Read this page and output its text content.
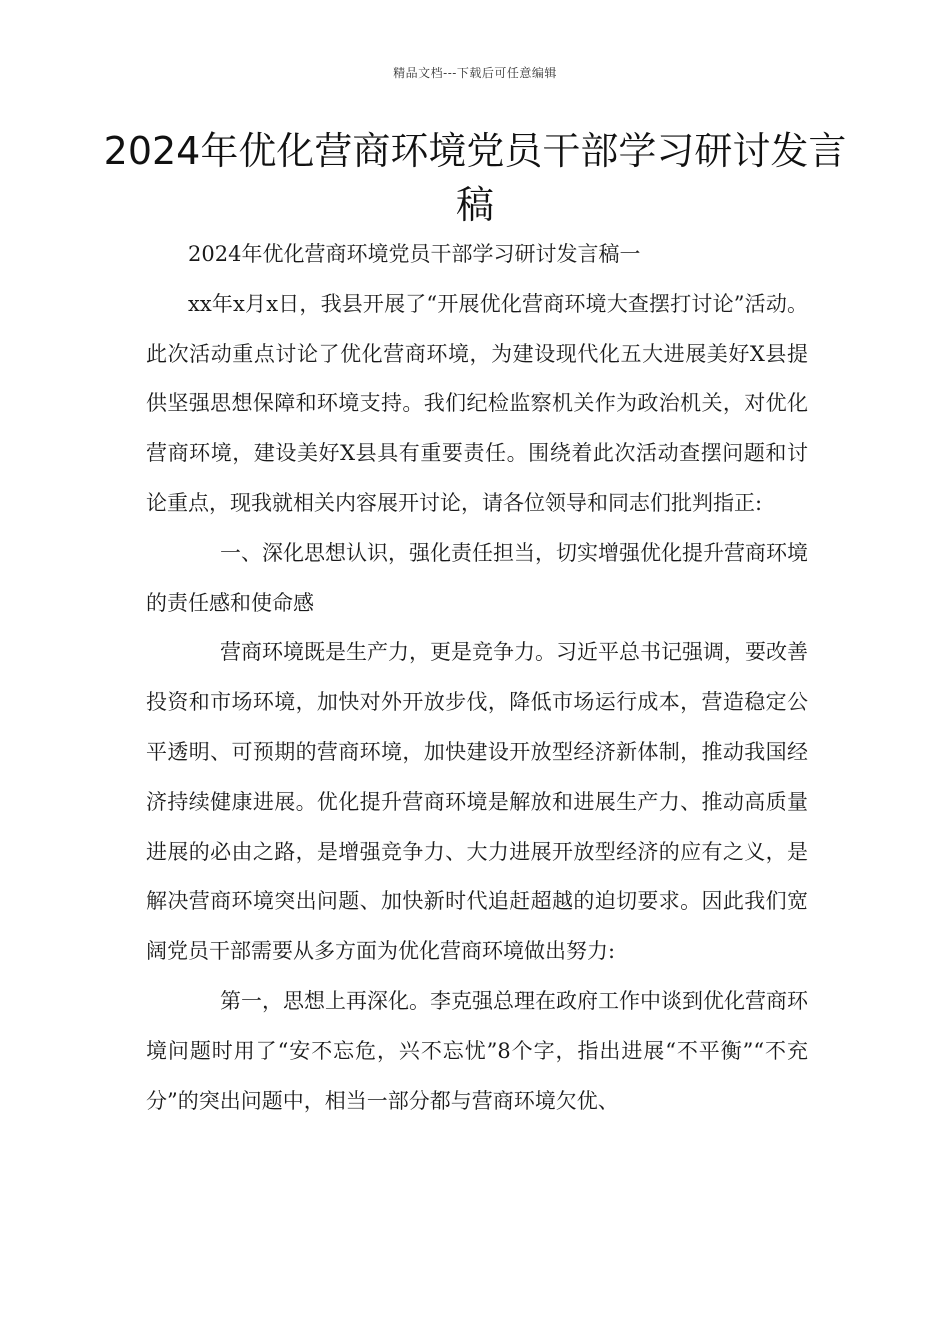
精品文档---下载后可任意编辑
2024年优化营商环境党员干部学习研讨发言稿

2024年优化营商环境党员干部学习研讨发言稿一

xx年x月x日，我县开展了“开展优化营商环境大查摆打讨论”活动。此次活动重点讨论了优化营商环境，为建设现代化五大进展美好X县提供坚强思想保障和环境支持。我们纪检监察机关作为政治机关，对优化营商环境，建设美好X县具有重要责任。围绕着此次活动查摆问题和讨论重点，现我就相关内容展开讨论，请各位领导和同志们批判指正:

一、深化思想认识，强化责任担当，切实增强优化提升营商环境的责任感和使命感

营商环境既是生产力，更是竞争力。习近平总书记强调，要改善投资和市场环境，加快对外开放步伐，降低市场运行成本，营造稳定公平透明、可预期的营商环境，加快建设开放型经济新体制，推动我国经济持续健康进展。优化提升营商环境是解放和进展生产力、推动高质量进展的必由之路，是增强竞争力、大力进展开放型经济的应有之义，是解决营商环境突出问题、加快新时代追赶超越的迫切要求。因此我们宽阔党员干部需要从多方面为优化营商环境做出努力:

第一，思想上再深化。李克强总理在政府工作中谈到优化营商环境问题时用了“安不忘危，兴不忘忧”8个字，指出进展“不平衡”“不充分”的突出问题中，相当一部分都与营商环境欠优、
